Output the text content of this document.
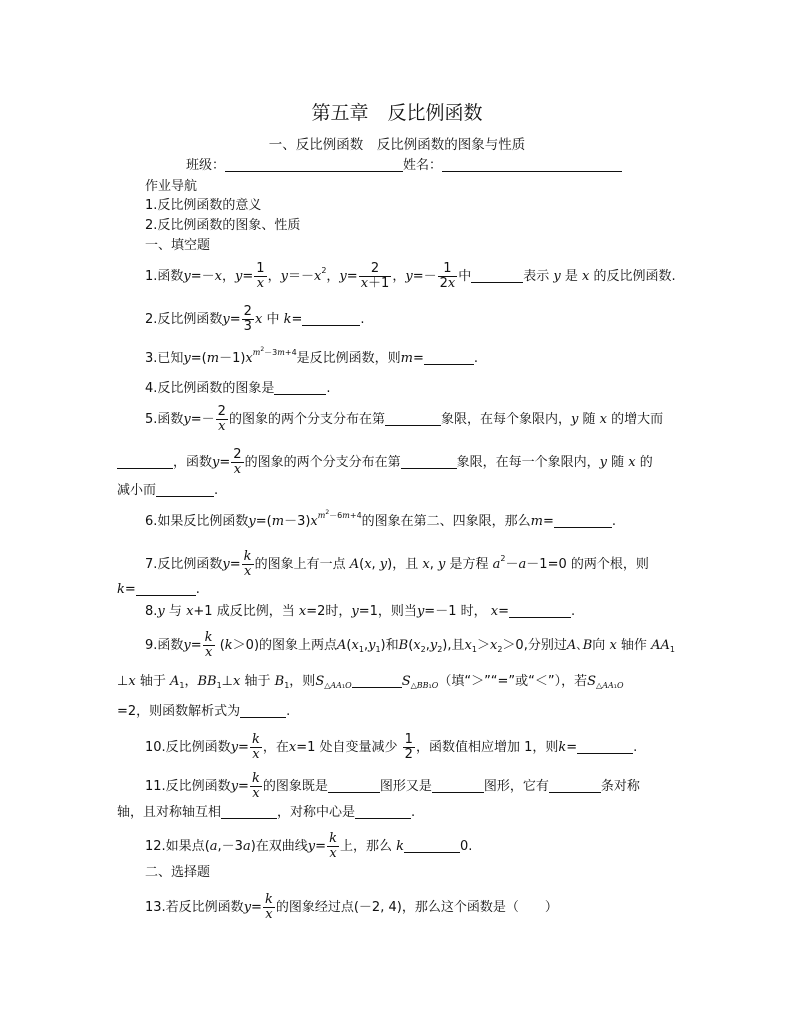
第五章　反比例函数
一、反比例函数　反比例函数的图象与性质
班级：	姓名：
作业导航
1.反比例函数的意义
2.反比例函数的图象、性质
一、填空题
1.函数y=－x，$y= \frac{1}{x}$ ，$y=-x^2$，$y= \frac{2}{x+1}$ ，$y=- \frac{1}{2x}$ 中	表示 y 是 x 的反比例函数.
2.反比例函数$y= \frac{2}{3}$ x 中 k=	.
3.已知$y=(m-1)x^{m^2-3m+4}$是反比例函数，则m=	.
4.反比例函数的图象是	.
5.函数$y=- \frac{2}{x}$ 的图象的两个分支分布在第	象限，在每个象限内，y 随 x 的增大而
，函数$y= \frac{2}{x}$ 的图象的两个分支分布在第	象限，在每一个象限内，y 随 x 的
减小而	.
6.如果反比例函数$y=(m-3)x^{m^2-6m+4}$的图象在第二、四象限，那么m=	.
7.反比例函数$y= \frac{k}{x}$ 的图象上有一点 A(x, y)，且 x, y 是方程 $a^2-a-1=0$ 的两个根，则
k=	.
8.y 与 x+1 成反比例，当 x=2时，y=1，则当y=－1 时， x=	.
9.函数$y= \frac{k}{x} (k>0)$的图象上两点$A(x_1,y_1)$和$B(x_2,y_2)$,且$x_1>x_2>0$,分别过A､B向 x 轴作 $AA_1$
⊥x 轴于 $A_1$，$BB_1\perp x$ 轴于 $B_1$，则$S_{\triangle AA_1O}$	$S_{\triangle BB_1O}$（填“＞”“=”或“＜”），若$S_{\triangle AA_1O}$
=2，则函数解析式为	.
10.反比例函数$y= \frac{k}{x}$ ，在x=1 处自变量减少 $\frac{1}{2}$ ，函数值相应增加 1，则k=	.
11.反比例函数$y= \frac{k}{x}$ 的图象既是	图形又是	图形，它有	条对称
轴，且对称轴互相	，对称中心是	.
12.如果点(a,－3a)在双曲线$y= \frac{k}{x}$ 上，那么 k	0.
二、选择题
13.若反比例函数$y= \frac{k}{x}$ 的图象经过点(－2, 4)，那么这个函数是（　　）
